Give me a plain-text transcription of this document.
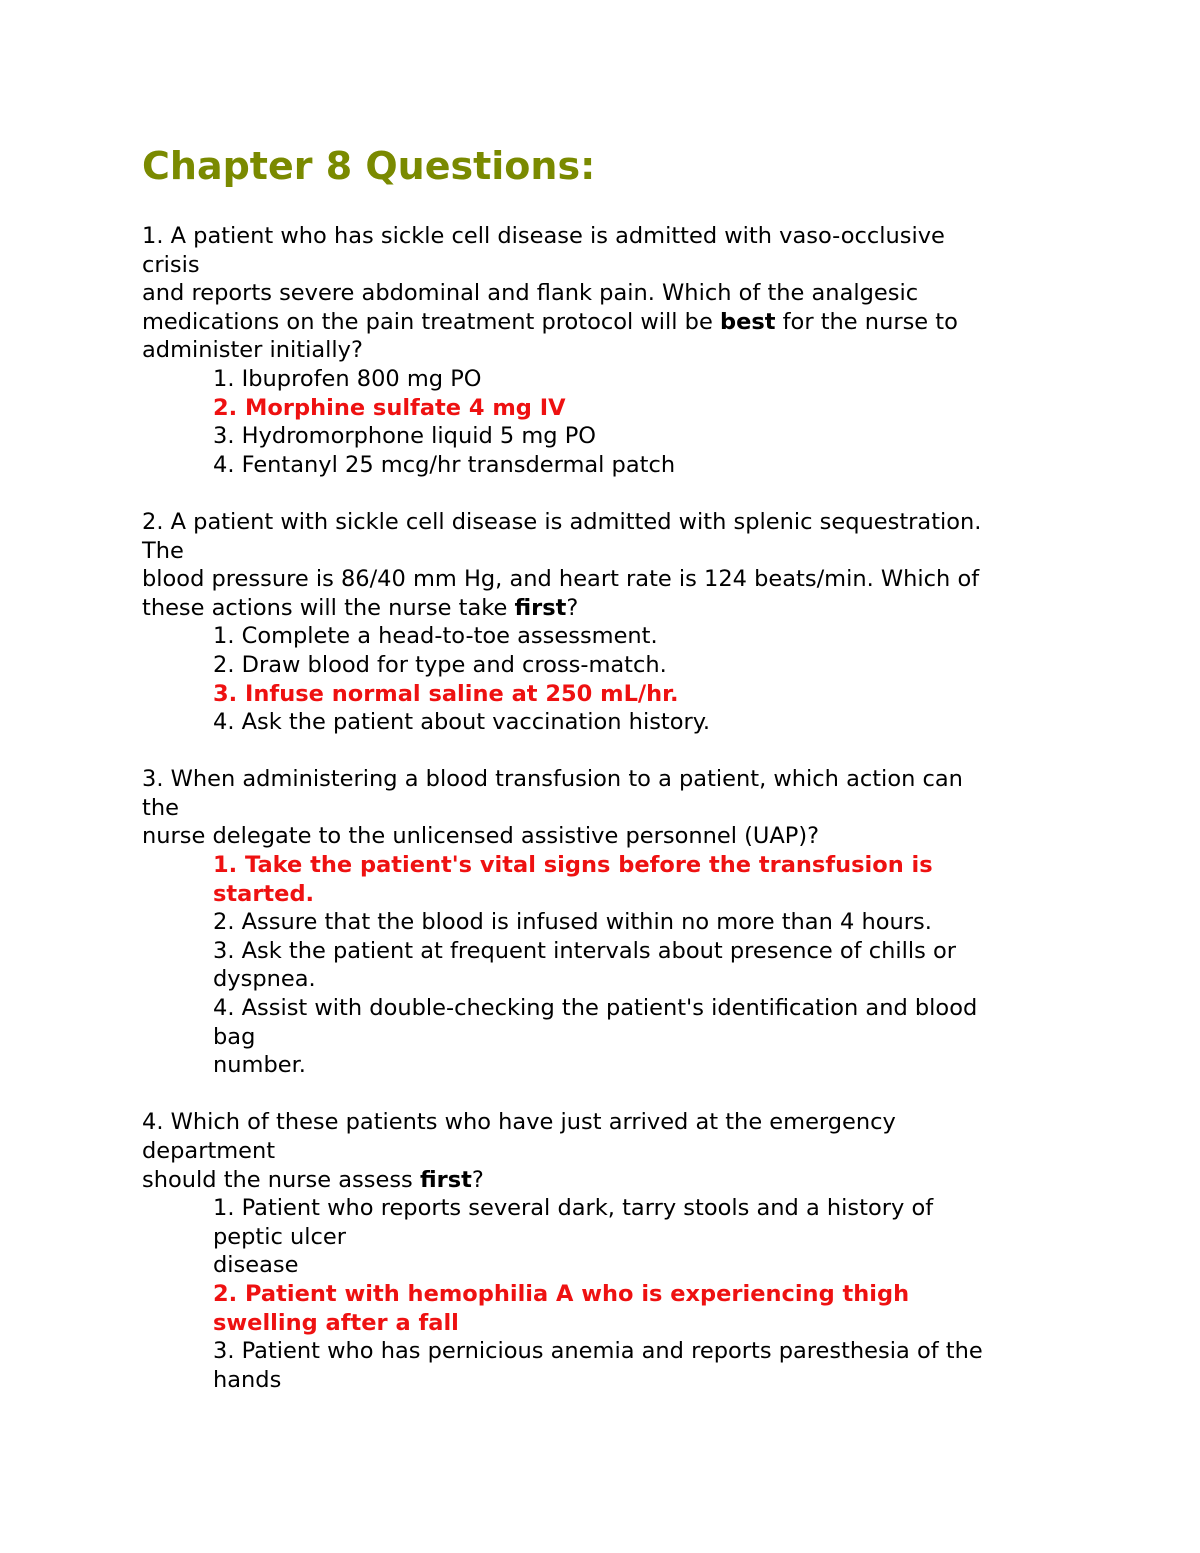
Chapter 8 Questions:

1. A patient who has sickle cell disease is admitted with vaso-occlusive
crisis
and reports severe abdominal and flank pain. Which of the analgesic
medications on the pain treatment protocol will be best for the nurse to
administer initially?

1. Ibuprofen 800 mg PO
2. Morphine sulfate 4 mg IV
3. Hydromorphone liquid 5 mg PO
4. Fentanyl 25 mcg/hr transdermal patch

2. A patient with sickle cell disease is admitted with splenic sequestration.
The
blood pressure is 86/40 mm Hg, and heart rate is 124 beats/min. Which of
these actions will the nurse take first?

1. Complete a head-to-toe assessment.
2. Draw blood for type and cross-match.
3. Infuse normal saline at 250 mL/hr.
4. Ask the patient about vaccination history.

3. When administering a blood transfusion to a patient, which action can
the
nurse delegate to the unlicensed assistive personnel (UAP)?

1. Take the patient's vital signs before the transfusion is
started.
2. Assure that the blood is infused within no more than 4 hours.
3. Ask the patient at frequent intervals about presence of chills or
dyspnea.
4. Assist with double-checking the patient's identification and blood
bag
number.

4. Which of these patients who have just arrived at the emergency
department
should the nurse assess first?

1. Patient who reports several dark, tarry stools and a history of
peptic ulcer
disease
2. Patient with hemophilia A who is experiencing thigh
swelling after a fall
3. Patient who has pernicious anemia and reports paresthesia of the
hands
